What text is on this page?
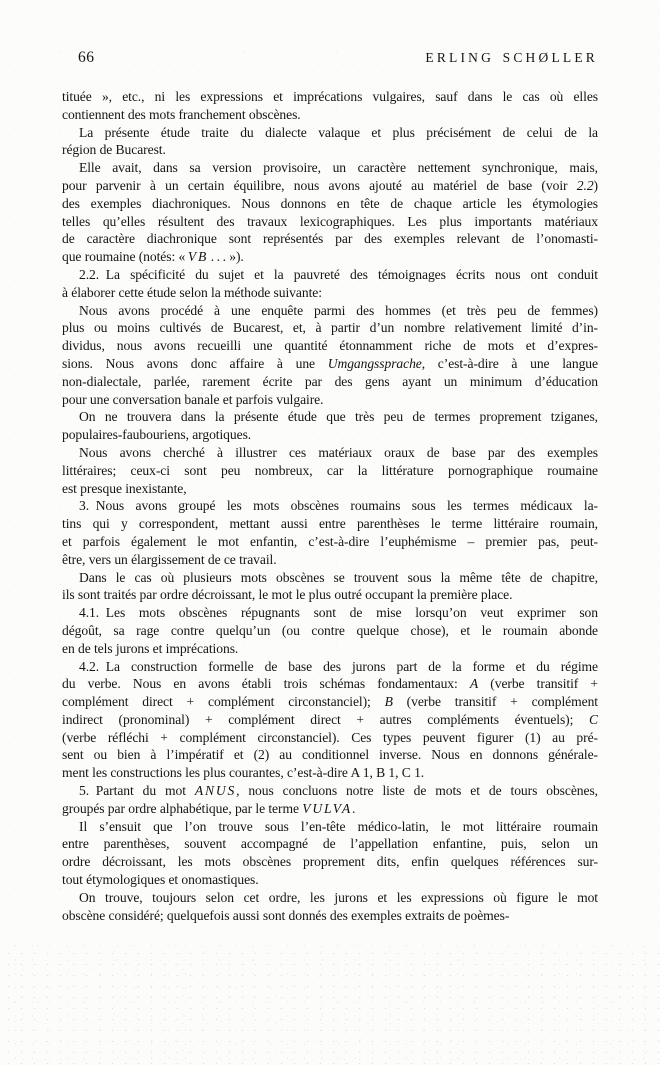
66	ERLING SCHØLLER
tituée », etc., ni les expressions et imprécations vulgaires, sauf dans le cas où elles
contiennent des mots franchement obscènes.
La présente étude traite du dialecte valaque et plus précisément de celui de la
région de Bucarest.
Elle avait, dans sa version provisoire, un caractère nettement synchronique, mais,
pour parvenir à un certain équilibre, nous avons ajouté au matériel de base (voir 2.2)
des exemples diachroniques. Nous donnons en tête de chaque article les étymologies
telles qu’elles résultent des travaux lexicographiques. Les plus importants matériaux
de caractère diachronique sont représentés par des exemples relevant de l’onomasti-
que roumaine (notés: « VB . . . »).
2.2. La spécificité du sujet et la pauvreté des témoignages écrits nous ont conduit
à élaborer cette étude selon la méthode suivante:
Nous avons procédé à une enquête parmi des hommes (et très peu de femmes)
plus ou moins cultivés de Bucarest, et, à partir d’un nombre relativement limité d’in-
dividus, nous avons recueilli une quantité étonnamment riche de mots et d’expres-
sions. Nous avons donc affaire à une Umgangssprache, c’est-à-dire à une langue
non-dialectale, parlée, rarement écrite par des gens ayant un minimum d’éducation
pour une conversation banale et parfois vulgaire.
On ne trouvera dans la présente étude que très peu de termes proprement tziganes,
populaires-faubouriens, argotiques.
Nous avons cherché à illustrer ces matériaux oraux de base par des exemples
littéraires; ceux-ci sont peu nombreux, car la littérature pornographique roumaine
est presque inexistante,
3. Nous avons groupé les mots obscènes roumains sous les termes médicaux la-
tins qui y correspondent, mettant aussi entre parenthèses le terme littéraire roumain,
et parfois également le mot enfantin, c’est-à-dire l’euphémisme – premier pas, peut-
être, vers un élargissement de ce travail.
Dans le cas où plusieurs mots obscènes se trouvent sous la même tête de chapitre,
ils sont traités par ordre décroissant, le mot le plus outré occupant la première place.
4.1. Les mots obscènes répugnants sont de mise lorsqu’on veut exprimer son
dégoût, sa rage contre quelqu’un (ou contre quelque chose), et le roumain abonde
en de tels jurons et imprécations.
4.2. La construction formelle de base des jurons part de la forme et du régime
du verbe. Nous en avons établi trois schémas fondamentaux: A (verbe transitif +
complément direct + complément circonstanciel); B (verbe transitif + complément
indirect (pronominal) + complément direct + autres compléments éventuels); C
(verbe réfléchi + complément circonstanciel). Ces types peuvent figurer (1) au pré-
sent ou bien à l’impératif et (2) au conditionnel inverse. Nous en donnons générale-
ment les constructions les plus courantes, c’est-à-dire A 1, B 1, C 1.
5. Partant du mot ANUS, nous concluons notre liste de mots et de tours obscènes,
groupés par ordre alphabétique, par le terme VULVA.
Il s’ensuit que l’on trouve sous l’en-tête médico-latin, le mot littéraire roumain
entre parenthèses, souvent accompagné de l’appellation enfantine, puis, selon un
ordre décroissant, les mots obscènes proprement dits, enfin quelques références sur-
tout étymologiques et onomastiques.
On trouve, toujours selon cet ordre, les jurons et les expressions où figure le mot
obscène considéré; quelquefois aussi sont donnés des exemples extraits de poèmes-
